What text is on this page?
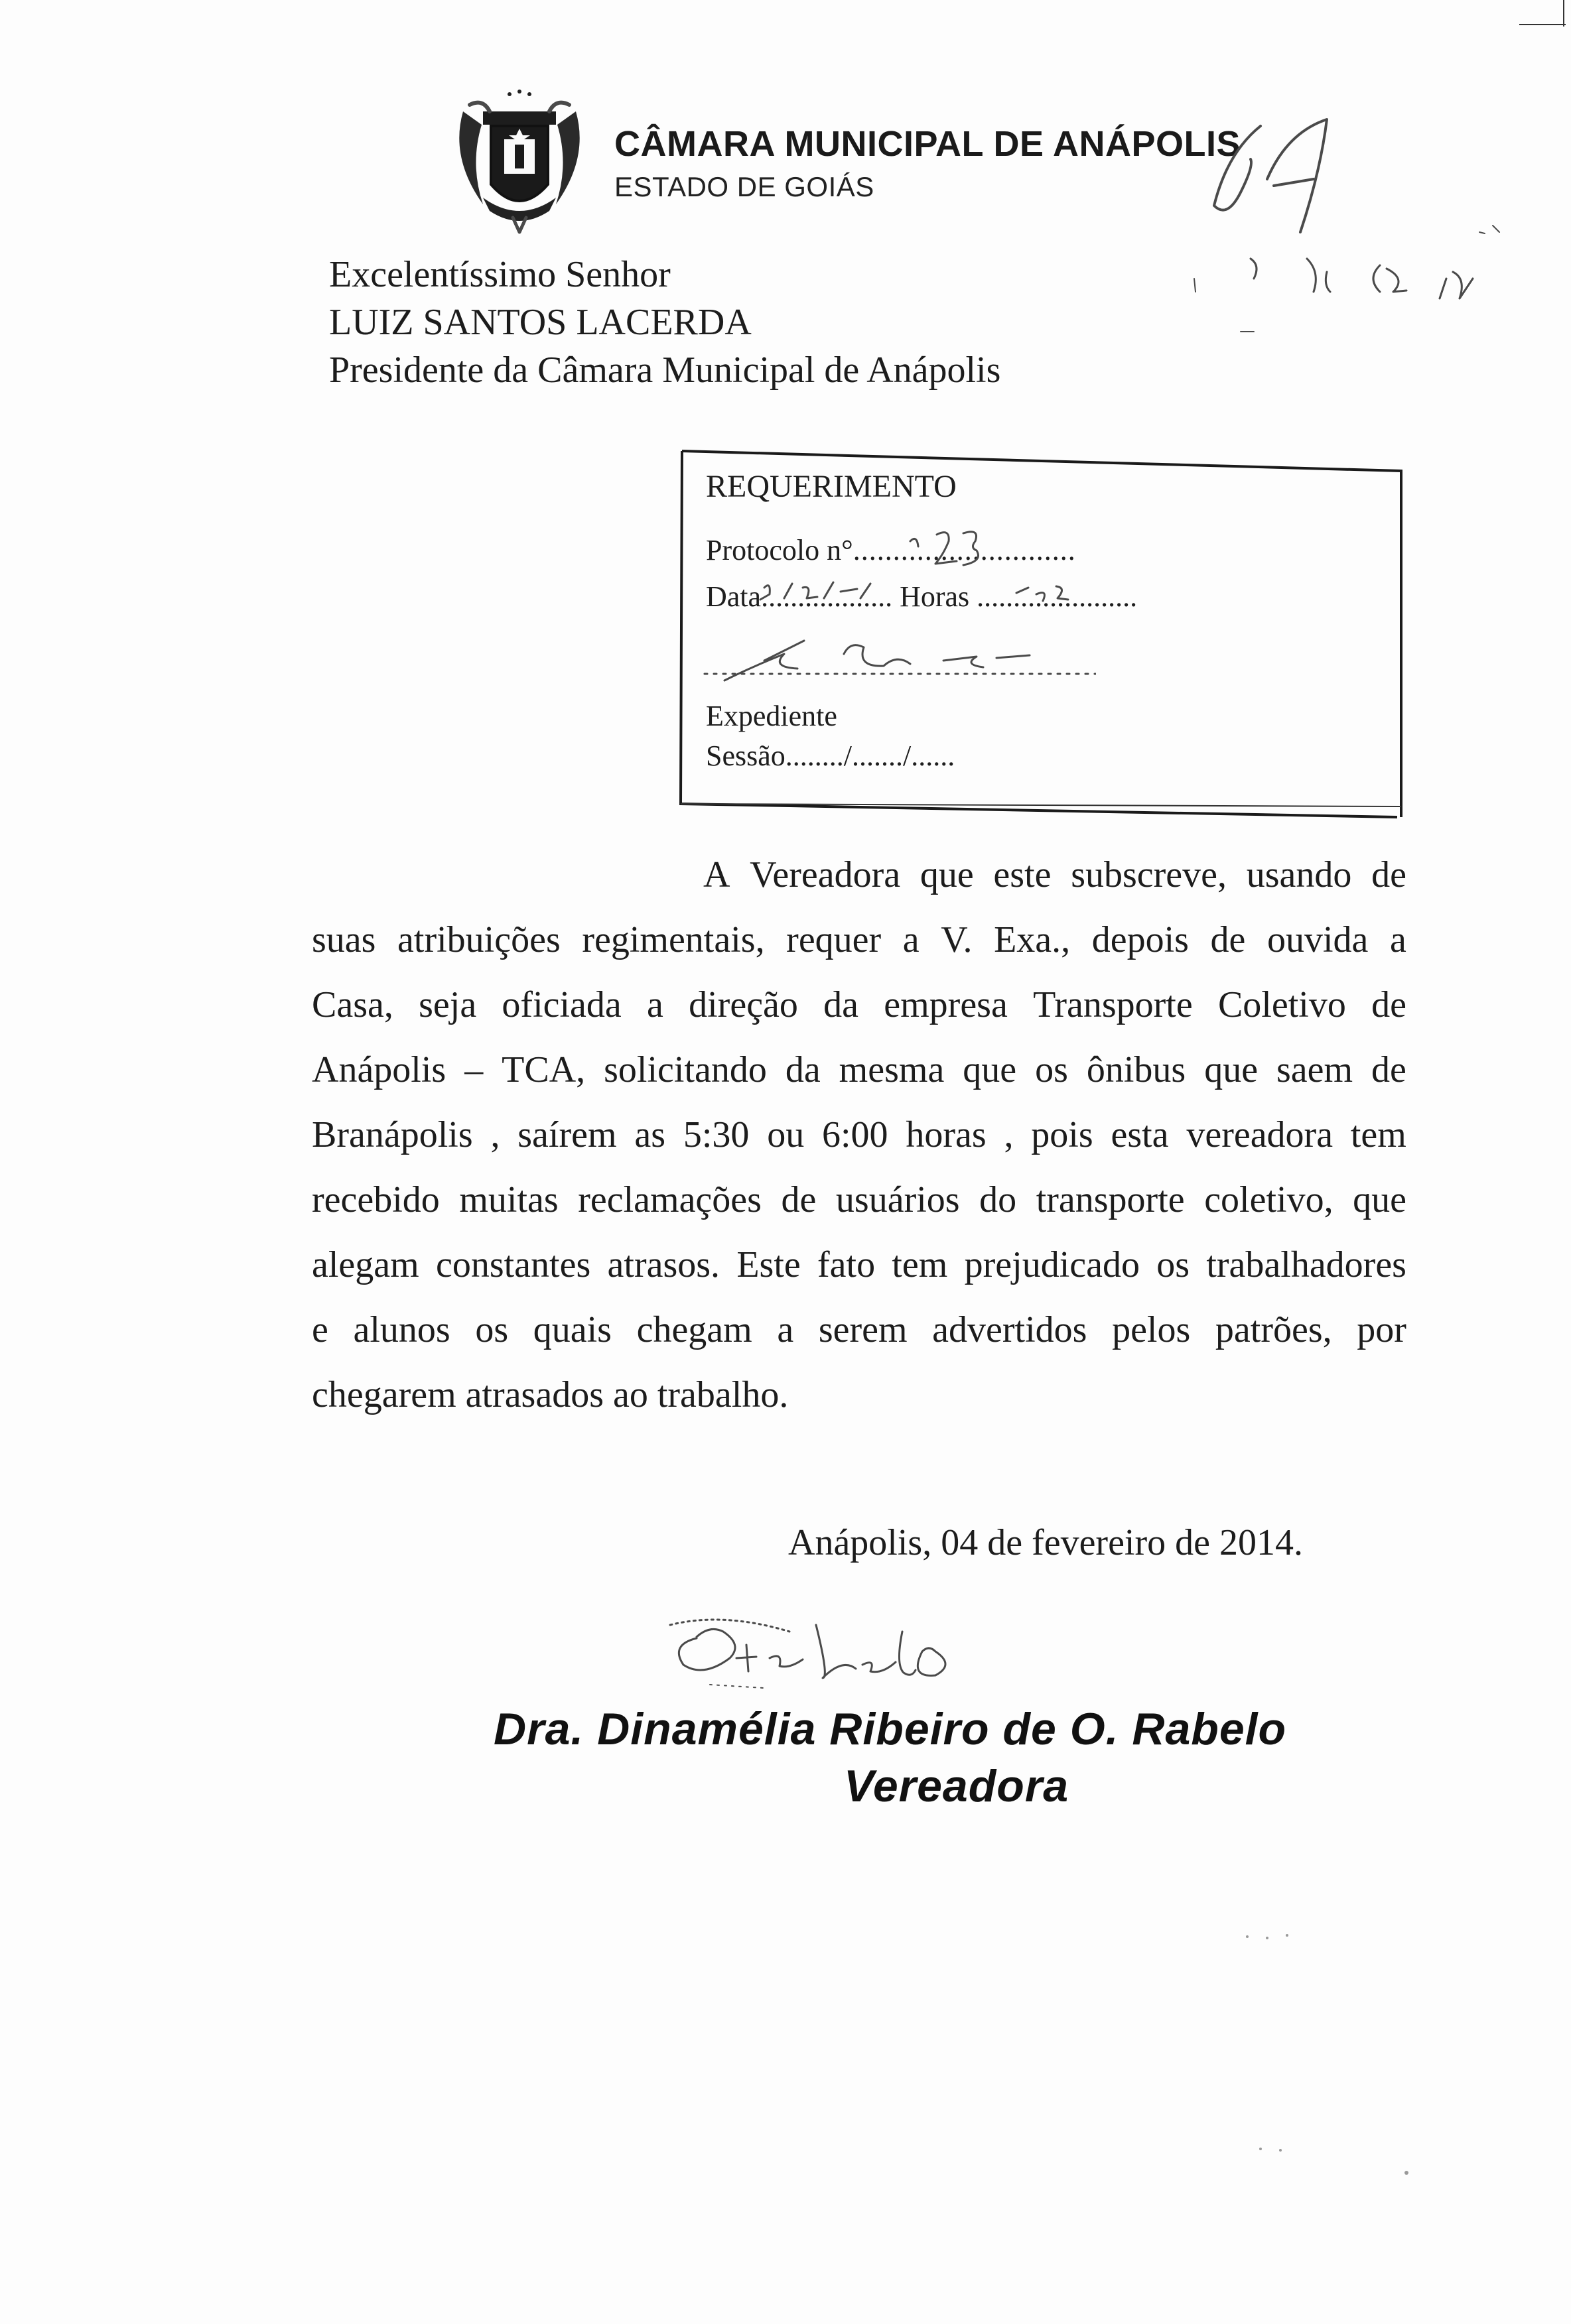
CÂMARA MUNICIPAL DE ANÁPOLIS
ESTADO DE GOIÁS
Excelentíssimo Senhor
LUIZ SANTOS LACERDA
Presidente da Câmara Municipal de Anápolis
REQUERIMENTO
Protocolo n°............................
Data.................. Horas ......................
Expediente
Sessão......../......./......
A Vereadora que este subscreve, usando de
suas atribuições regimentais, requer a V. Exa., depois de ouvida a
Casa, seja oficiada a direção da empresa Transporte Coletivo de
Anápolis – TCA, solicitando da mesma que os ônibus que saem de
Branápolis , saírem as 5:30 ou 6:00 horas , pois esta vereadora tem
recebido muitas reclamações de usuários do transporte coletivo, que
alegam constantes atrasos. Este fato tem prejudicado os trabalhadores
e alunos os quais chegam a serem advertidos pelos patrões, por
chegarem atrasados ao trabalho.
Anápolis, 04 de fevereiro de 2014.
Dra. Dinamélia Ribeiro de O. Rabelo
Vereadora
